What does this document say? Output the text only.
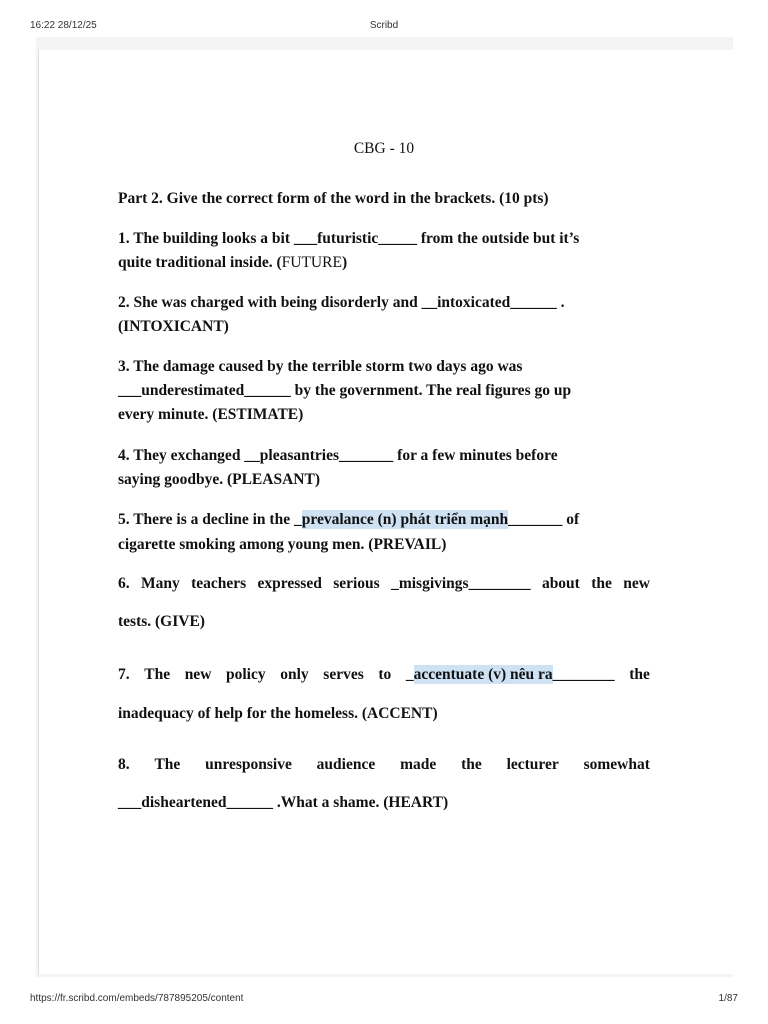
16:22 28/12/25	Scribd
CBG - 10
Part 2. Give the correct form of the word in the brackets. (10 pts)
1. The building looks a bit ___futuristic_____ from the outside but it’s
quite traditional inside. (FUTURE)
2. She was charged with being disorderly and __intoxicated______ .
(INTOXICANT)
3. The damage caused by the terrible storm two days ago was
___underestimated______ by the government. The real figures go up
every minute. (ESTIMATE)
4. They exchanged __pleasantries_______ for a few minutes before
saying goodbye. (PLEASANT)
5. There is a decline in the _prevalance (n) phát triển mạnh_______ of
cigarette smoking among young men. (PREVAIL)
6. Many teachers expressed serious _misgivings________ about the new
tests. (GIVE)
7. The new policy only serves to _accentuate (v) nêu ra________ the
inadequacy of help for the homeless. (ACCENT)
8. The unresponsive audience made the lecturer somewhat
___disheartened______ .What a shame. (HEART)
https://fr.scribd.com/embeds/787895205/content	1/87
